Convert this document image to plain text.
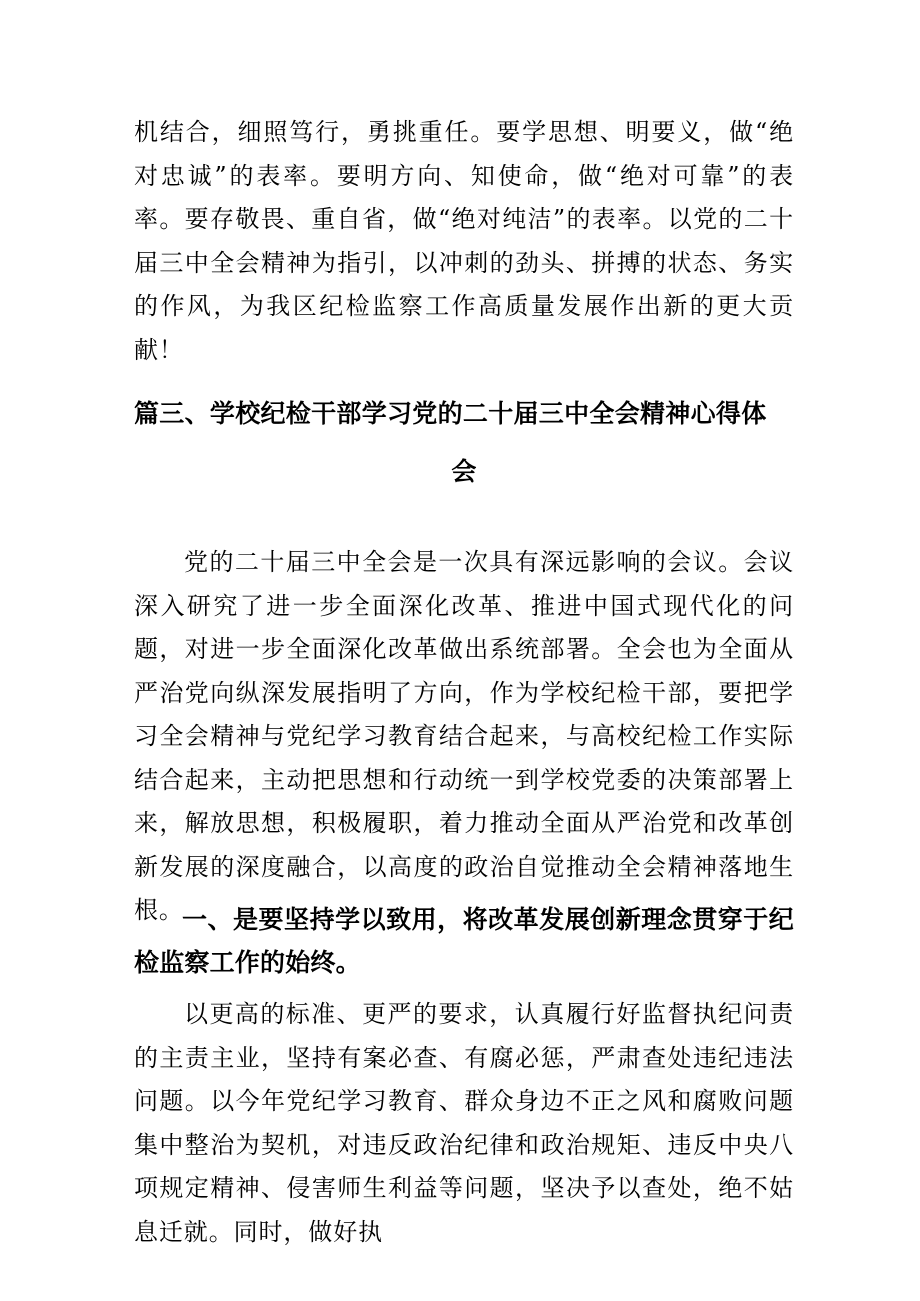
机结合，细照笃行，勇挑重任。要学思想、明要义，做“绝对忠诚”的表率。要明方向、知使命，做“绝对可靠”的表率。要存敬畏、重自省，做“绝对纯洁”的表率。以党的二十届三中全会精神为指引，以冲刺的劲头、拼搏的状态、务实的作风，为我区纪检监察工作高质量发展作出新的更大贡献！

篇三、学校纪检干部学习党的二十届三中全会精神心得体
会

党的二十届三中全会是一次具有深远影响的会议。会议深入研究了进一步全面深化改革、推进中国式现代化的问题，对进一步全面深化改革做出系统部署。全会也为全面从严治党向纵深发展指明了方向，作为学校纪检干部，要把学习全会精神与党纪学习教育结合起来，与高校纪检工作实际结合起来，主动把思想和行动统一到学校党委的决策部署上来，解放思想，积极履职，着力推动全面从严治党和改革创新发展的深度融合，以高度的政治自觉推动全会精神落地生根。

一、是要坚持学以致用，将改革发展创新理念贯穿于纪检监察工作的始终。

以更高的标准、更严的要求，认真履行好监督执纪问责的主责主业，坚持有案必查、有腐必惩，严肃查处违纪违法问题。以今年党纪学习教育、群众身边不正之风和腐败问题集中整治为契机，对违反政治纪律和政治规矩、违反中央八项规定精神、侵害师生利益等问题，坚决予以查处，绝不姑息迁就。同时，做好执
